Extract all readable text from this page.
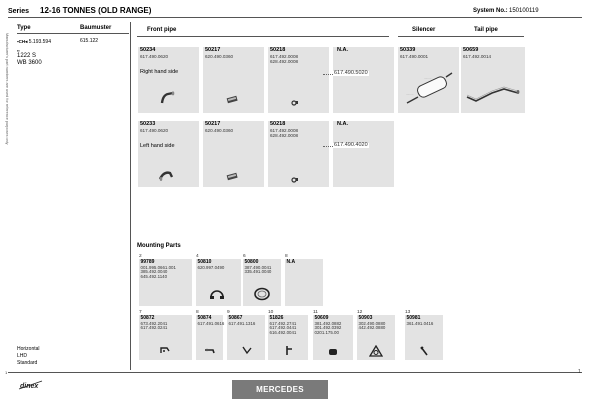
Series 12-16 TONNES (OLD RANGE)	System No.: 150100119
Manufacturer's part numbers are used for reference purposes only
Type	Baumuster
▪CH◂ 5.193.594	615.122
▪▪
1222 S
WB 3600
Horizontal
LHD
Standard
Front pipe	Silencer	Tail pipe
50234
617.490.0620
Right hand side
50217
620.490.0360
50218
617.492.0008
628.492.0008
N.A.
617.490.5020
50339
617.490.0001
·········
·········
50659
617.492.0014
50233
617.490.0620
Left hand side
50217
620.490.0360
50218
617.492.0008
628.492.0008
N.A.
617.490.4020
Mounting Parts
2
99789
001.995.0661.001
385.492.0040
645.492.1140
4
50810
620.997.0490
6
50800
387.490.0041
335.491.0040
8
N.A
7
50872
673.492.2041
617.492.0241
8
50874
617.491.0616
9
50867
617.491.1316
10
51826
617.492.2741
617.492.0441
616.492.0041
11
50609
381.492.0882
301.492.0392
0201.175.00
12
50903
302.490.0880
442.492.0880
13
50981
361.491.0416
1	1
dinex	MERCEDES
